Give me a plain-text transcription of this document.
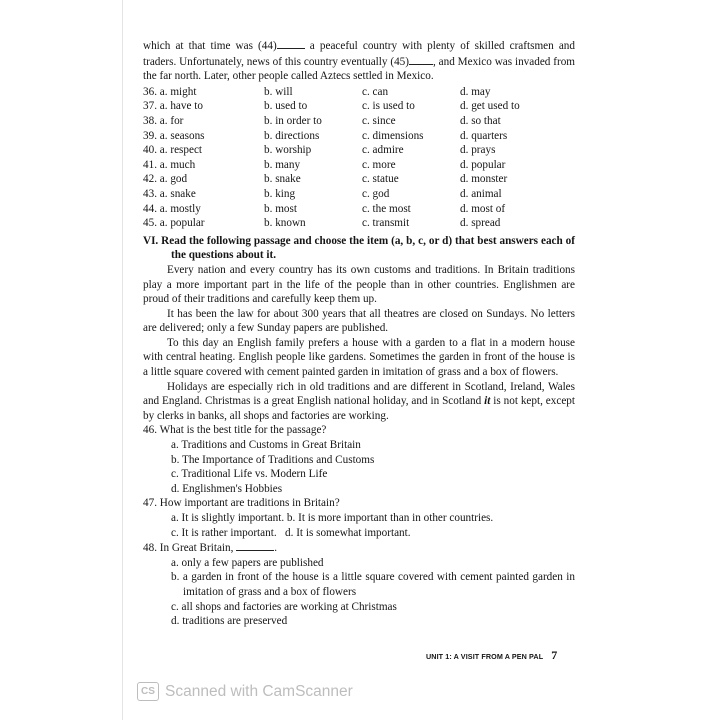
which at that time was (44)	a peaceful country with plenty of skilled craftsmen and traders. Unfortunately, news of this country eventually (45) , and Mexico was invaded from the far north. Later, other people called Aztecs settled in Mexico.

36. a. might	b. will	c. can	d. may
37. a. have to	b. used to	c. is used to	d. get used to
38. a. for	b. in order to	c. since	d. so that
39. a. seasons	b. directions	c. dimensions	d. quarters
40. a. respect	b. worship	c. admire	d. prays
41. a. much	b. many	c. more	d. popular
42. a. god	b. snake	c. statue	d. monster
43. a. snake	b. king	c. god	d. animal
44. a. mostly	b. most	c. the most	d. most of
45. a. popular	b. known	c. transmit	d. spread

VI. Read the following passage and choose the item (a, b, c, or d) that best answers each of the questions about it.

Every nation and every country has its own customs and traditions. In Britain traditions play a more important part in the life of the people than in other countries. Englishmen are proud of their traditions and carefully keep them up.

It has been the law for about 300 years that all theatres are closed on Sundays. No letters are delivered; only a few Sunday papers are published.

To this day an English family prefers a house with a garden to a flat in a modern house with central heating. English people like gardens. Sometimes the garden in front of the house is a little square covered with cement painted garden in imitation of grass and a box of flowers.

Holidays are especially rich in old traditions and are different in Scotland, Ireland, Wales and England. Christmas is a great English national holiday, and in Scotland it is not kept, except by clerks in banks, all shops and factories are working.

46. What is the best title for the passage?

a. Traditions and Customs in Great Britain

b. The Importance of Traditions and Customs

c. Traditional Life vs. Modern Life

d. Englishmen's Hobbies

47. How important are traditions in Britain?

a. It is slightly important. b. It is more important than in other countries.

c. It is rather important.   d. It is somewhat important.

48. In Great Britain,	.

a. only a few papers are published

b. a garden in front of the house is a little square covered with cement painted garden in imitation of grass and a box of flowers

c. all shops and factories are working at Christmas

d. traditions are preserved

UNIT 1: A VISIT FROM A PEN PAL 7
CS Scanned with CamScanner
